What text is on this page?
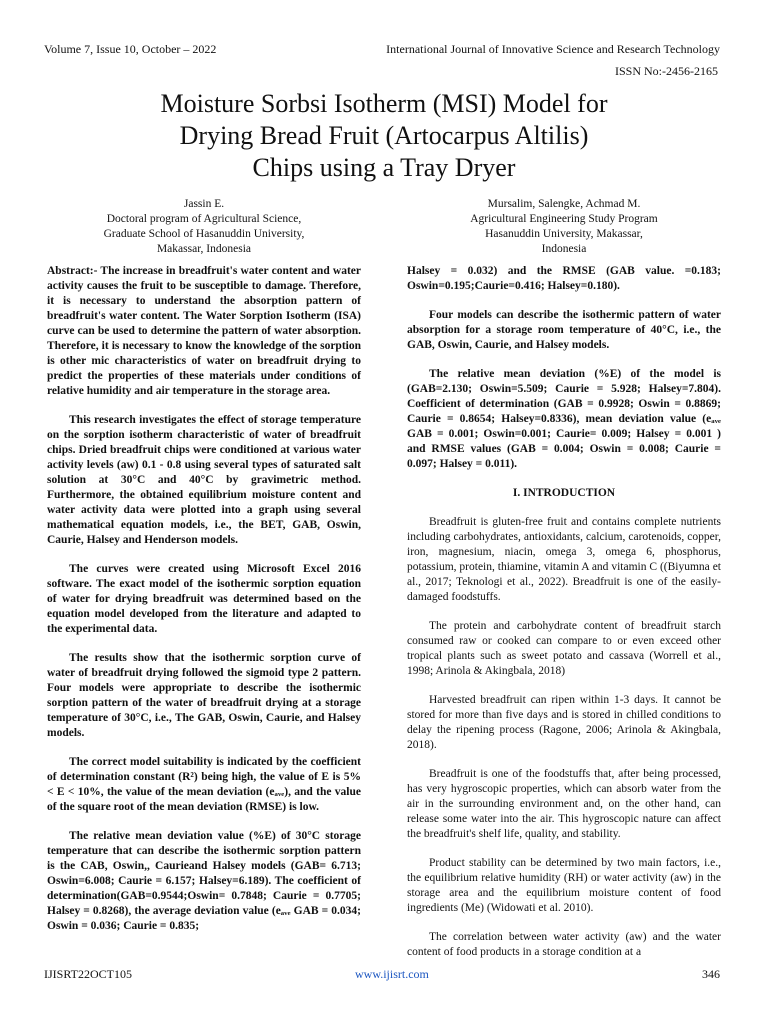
Volume 7, Issue 10, October – 2022	International Journal of Innovative Science and Research Technology
ISSN No:-2456-2165
Moisture Sorbsi Isotherm (MSI) Model for
Drying Bread Fruit (Artocarpus Altilis)
Chips using a Tray Dryer
Jassin E.
Doctoral program of Agricultural Science,
Graduate School of Hasanuddin University,
Makassar, Indonesia
Mursalim, Salengke, Achmad M.
Agricultural Engineering Study Program
Hasanuddin University, Makassar,
Indonesia

Abstract:- The increase in breadfruit's water content and water activity causes the fruit to be susceptible to damage. Therefore, it is necessary to understand the absorption pattern of breadfruit's water content. The Water Sorption Isotherm (ISA) curve can be used to determine the pattern of water absorption. Therefore, it is necessary to know the knowledge of the sorption is other mic characteristics of water on breadfruit drying to predict the properties of these materials under conditions of relative humidity and air temperature in the storage area.

This research investigates the effect of storage temperature on the sorption isotherm characteristic of water of breadfruit chips. Dried breadfruit chips were conditioned at various water activity levels (aw) 0.1 - 0.8 using several types of saturated salt solution at 30°C and 40°C by gravimetric method. Furthermore, the obtained equilibrium moisture content and water activity data were plotted into a graph using several mathematical equation models, i.e., the BET, GAB, Oswin, Caurie, Halsey and Henderson models.

The curves were created using Microsoft Excel 2016 software. The exact model of the isothermic sorption equation of water for drying breadfruit was determined based on the equation model developed from the literature and adapted to the experimental data.

The results show that the isothermic sorption curve of water of breadfruit drying followed the sigmoid type 2 pattern. Four models were appropriate to describe the isothermic sorption pattern of the water of breadfruit drying at a storage temperature of 30°C, i.e., The GAB, Oswin, Caurie, and Halsey models.

The correct model suitability is indicated by the coefficient of determination constant (R²) being high, the value of E is 5% < E < 10%, the value of the mean deviation (eₐᵥₑ), and the value of the square root of the mean deviation (RMSE) is low.

The relative mean deviation value (%E) of 30°C storage temperature that can describe the isothermic sorption pattern is the CAB, Oswin,, Caurieand Halsey models (GAB= 6.713; Oswin=6.008; Caurie = 6.157; Halsey=6.189). The coefficient of determination(GAB=0.9544;Oswin= 0.7848; Caurie = 0.7705; Halsey = 0.8268), the average deviation value (eₐᵥₑ GAB = 0.034; Oswin = 0.036; Caurie = 0.835;

Halsey = 0.032) and the RMSE (GAB value. =0.183; Oswin=0.195;Caurie=0.416; Halsey=0.180).

Four models can describe the isothermic pattern of water absorption for a storage room temperature of 40°C, i.e., the GAB, Oswin, Caurie, and Halsey models.

The relative mean deviation (%E) of the model is (GAB=2.130; Oswin=5.509; Caurie = 5.928; Halsey=7.804). Coefficient of determination (GAB = 0.9928; Oswin = 0.8869; Caurie = 0.8654; Halsey=0.8336), mean deviation value (eₐᵥₑ GAB = 0.001; Oswin=0.001; Caurie= 0.009; Halsey = 0.001 ) and RMSE values (GAB = 0.004; Oswin = 0.008; Caurie = 0.097; Halsey = 0.011).

I. INTRODUCTION

Breadfruit is gluten-free fruit and contains complete nutrients including carbohydrates, antioxidants, calcium, carotenoids, copper, iron, magnesium, niacin, omega 3, omega 6, phosphorus, potassium, protein, thiamine, vitamin A and vitamin C ((Biyumna et al., 2017; Teknologi et al., 2022). Breadfruit is one of the easily-damaged foodstuffs.

The protein and carbohydrate content of breadfruit starch consumed raw or cooked can compare to or even exceed other tropical plants such as sweet potato and cassava (Worrell et al., 1998; Arinola & Akingbala, 2018)

Harvested breadfruit can ripen within 1-3 days. It cannot be stored for more than five days and is stored in chilled conditions to delay the ripening process (Ragone, 2006; Arinola & Akingbala, 2018).

Breadfruit is one of the foodstuffs that, after being processed, has very hygroscopic properties, which can absorb water from the air in the surrounding environment and, on the other hand, can release some water into the air. This hygroscopic nature can affect the breadfruit's shelf life, quality, and stability.

Product stability can be determined by two main factors, i.e., the equilibrium relative humidity (RH) or water activity (aw) in the storage area and the equilibrium moisture content of food ingredients (Me) (Widowati et al. 2010).

The correlation between water activity (aw) and the water content of food products in a storage condition at a

IJISRT22OCT105	www.ijisrt.com	346
